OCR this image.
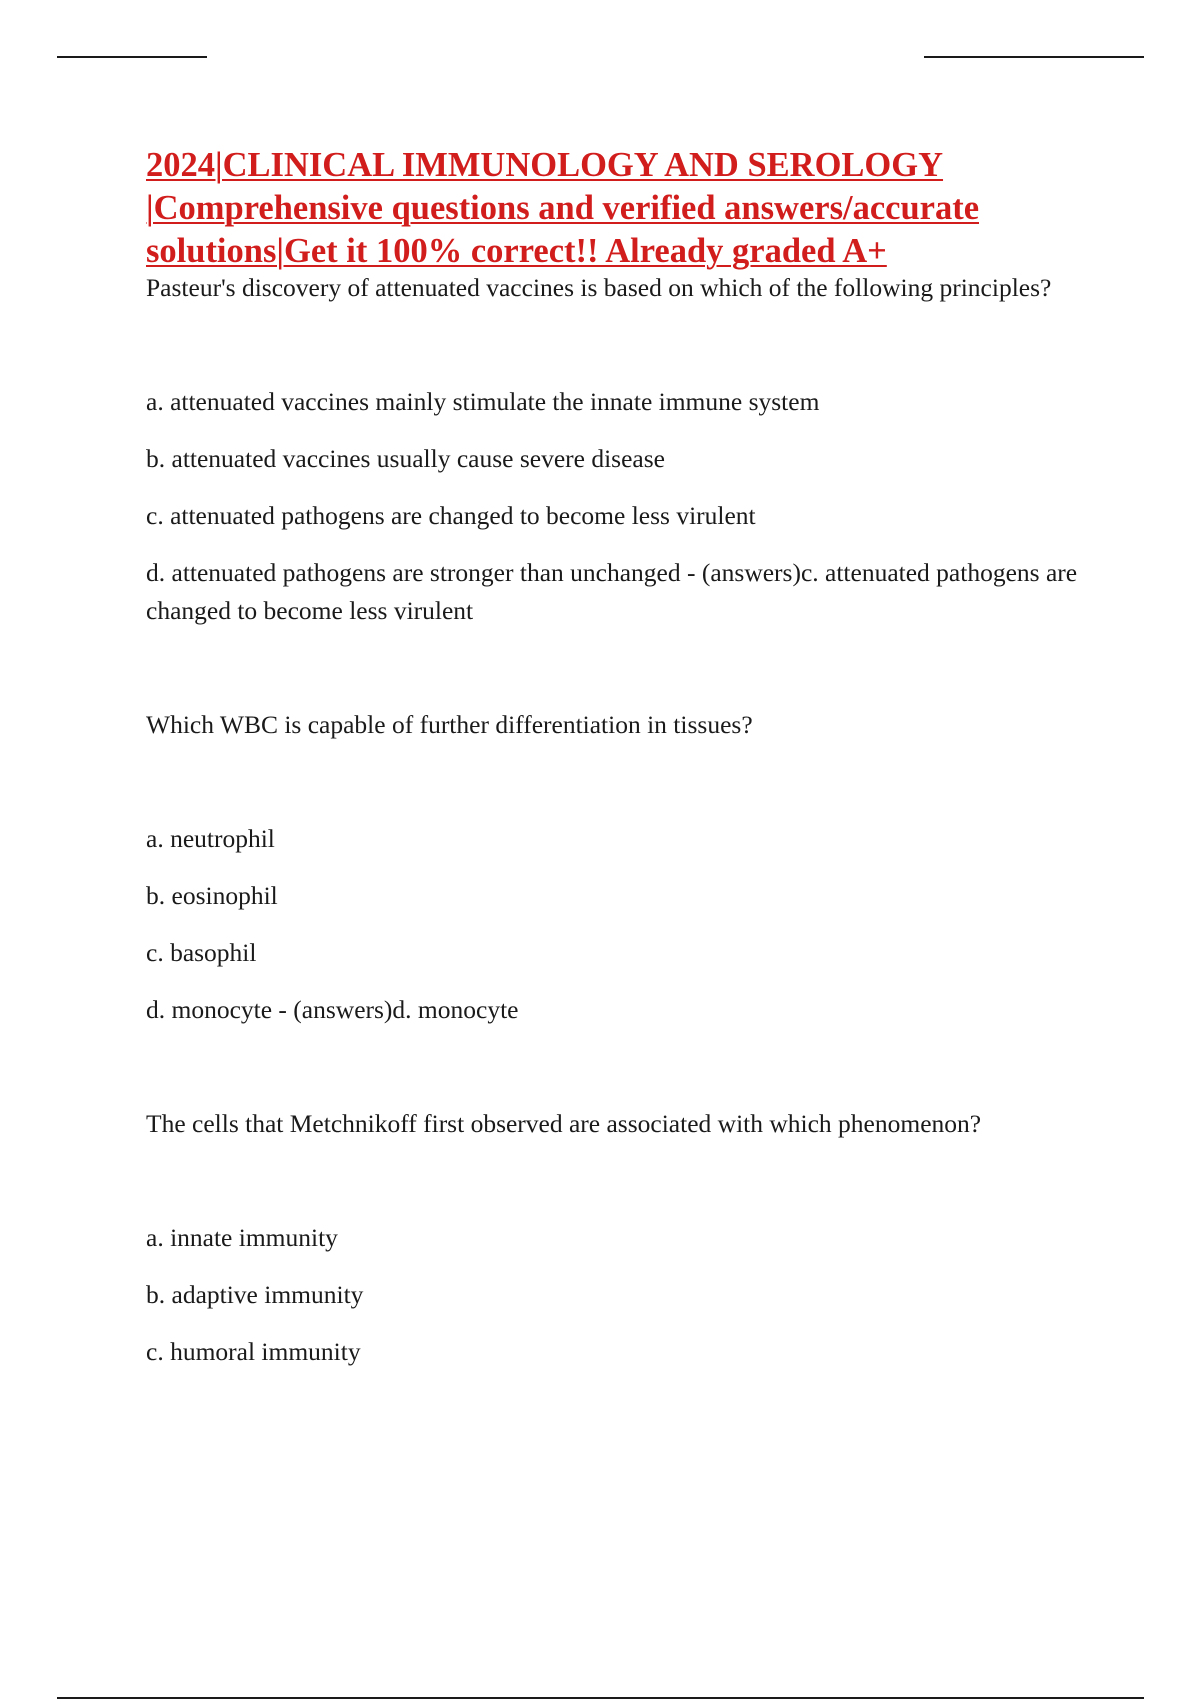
2024|CLINICAL IMMUNOLOGY AND SEROLOGY
|Comprehensive questions and verified answers/accurate
solutions|Get it 100% correct!! Already graded A+

Pasteur's discovery of attenuated vaccines is based on which of the following principles?

a. attenuated vaccines mainly stimulate the innate immune system

b. attenuated vaccines usually cause severe disease

c. attenuated pathogens are changed to become less virulent

d. attenuated pathogens are stronger than unchanged - (answers)c. attenuated pathogens are changed to become less virulent

Which WBC is capable of further differentiation in tissues?

a. neutrophil

b. eosinophil

c. basophil

d. monocyte - (answers)d. monocyte

The cells that Metchnikoff first observed are associated with which phenomenon?

a. innate immunity

b. adaptive immunity

c. humoral immunity
